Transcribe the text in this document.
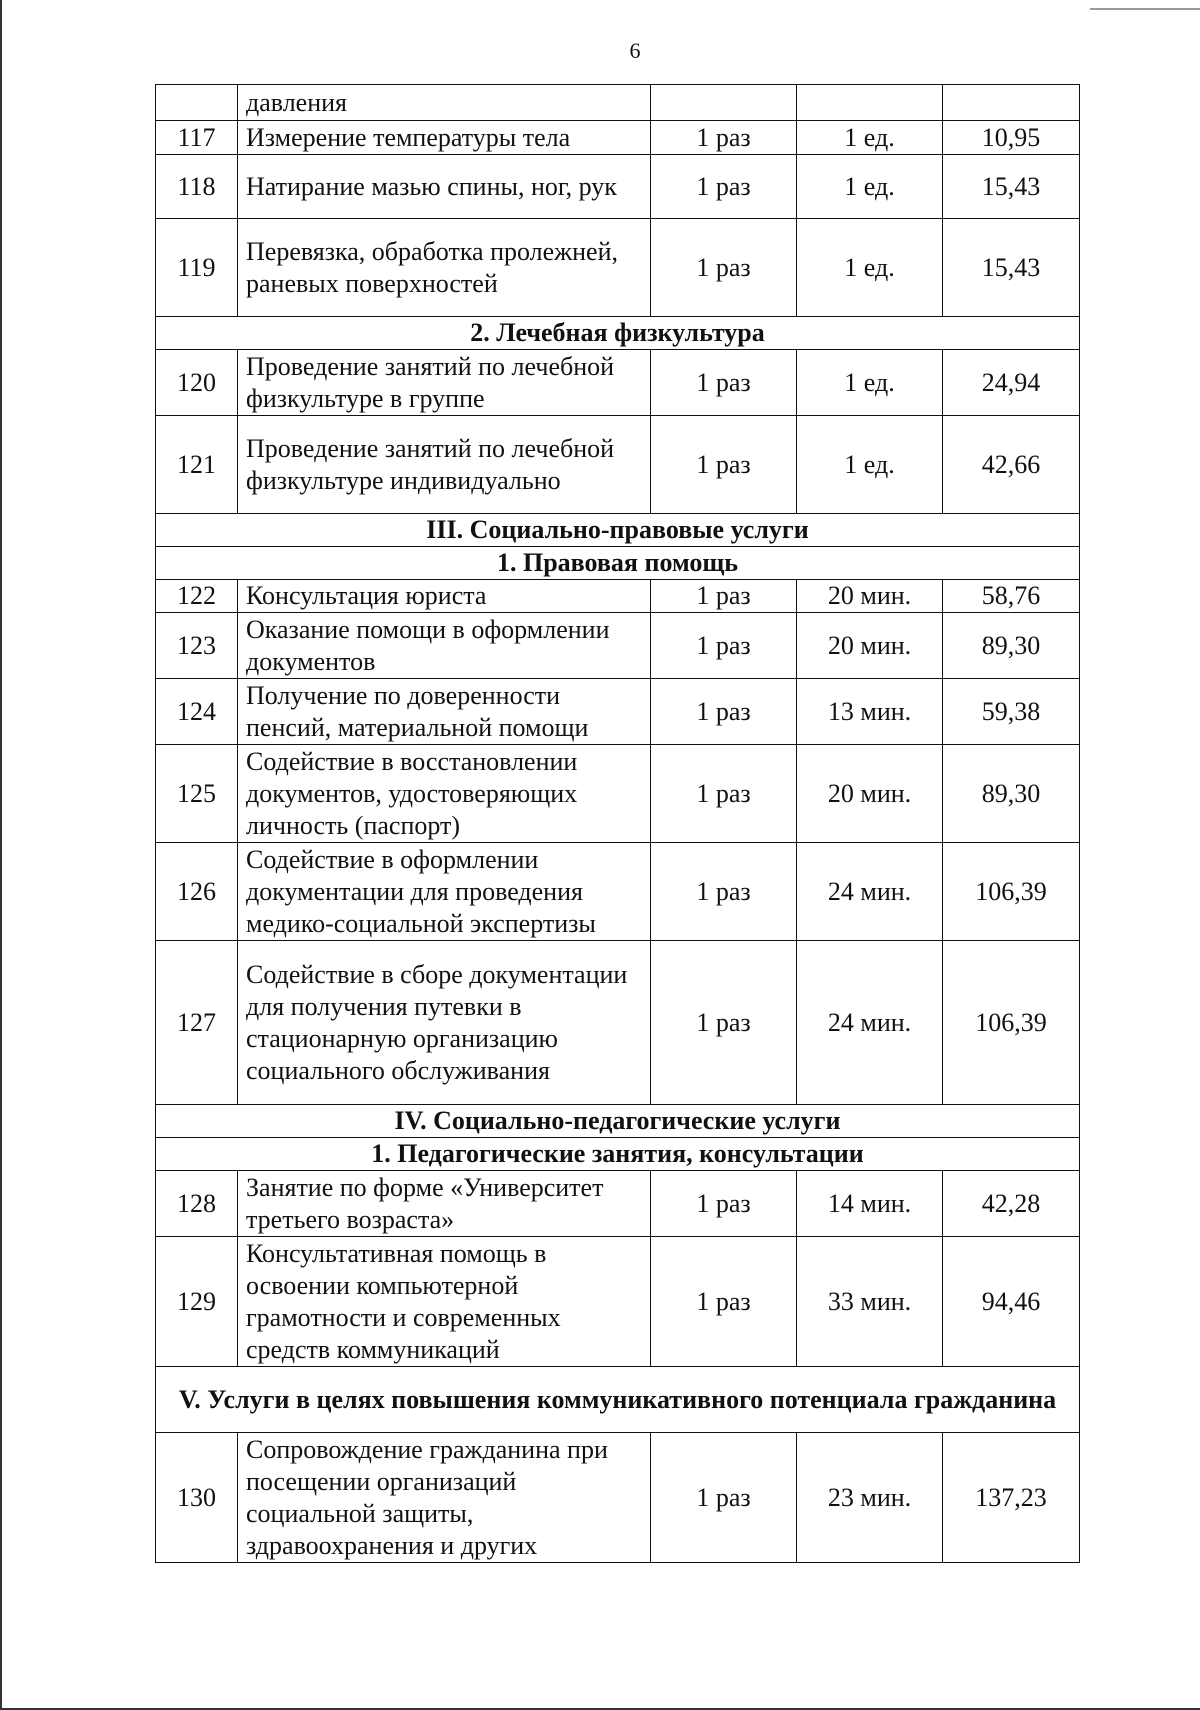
6
	давления			
117	Измерение температуры тела	1 раз	1 ед.	10,95
118	Натирание мазью спины, ног, рук	1 раз	1 ед.	15,43
119	Перевязка, обработка пролежней, раневых поверхностей	1 раз	1 ед.	15,43
2. Лечебная физкультура				
120	Проведение занятий по лечебной физкультуре в группе	1 раз	1 ед.	24,94
121	Проведение занятий по лечебной физкультуре индивидуально	1 раз	1 ед.	42,66
III. Социально-правовые услуги				
1. Правовая помощь				
122	Консультация юриста	1 раз	20 мин.	58,76
123	Оказание помощи в оформлении документов	1 раз	20 мин.	89,30
124	Получение по доверенности пенсий, материальной помощи	1 раз	13 мин.	59,38
125	Содействие в восстановлении документов, удостоверяющих личность (паспорт)	1 раз	20 мин.	89,30
126	Содействие в оформлении документации для проведения медико-социальной экспертизы	1 раз	24 мин.	106,39
127	Содействие в сборе документации для получения путевки в стационарную организацию социального обслуживания	1 раз	24 мин.	106,39
IV. Социально-педагогические услуги				
1. Педагогические занятия, консультации				
128	Занятие по форме «Университет третьего возраста»	1 раз	14 мин.	42,28
129	Консультативная помощь в освоении компьютерной грамотности и современных средств коммуникаций	1 раз	33 мин.	94,46
V. Услуги в целях повышения коммуникативного потенциала гражданина				
130	Сопровождение гражданина при посещении организаций социальной защиты, здравоохранения и других	1 раз	23 мин.	137,23
